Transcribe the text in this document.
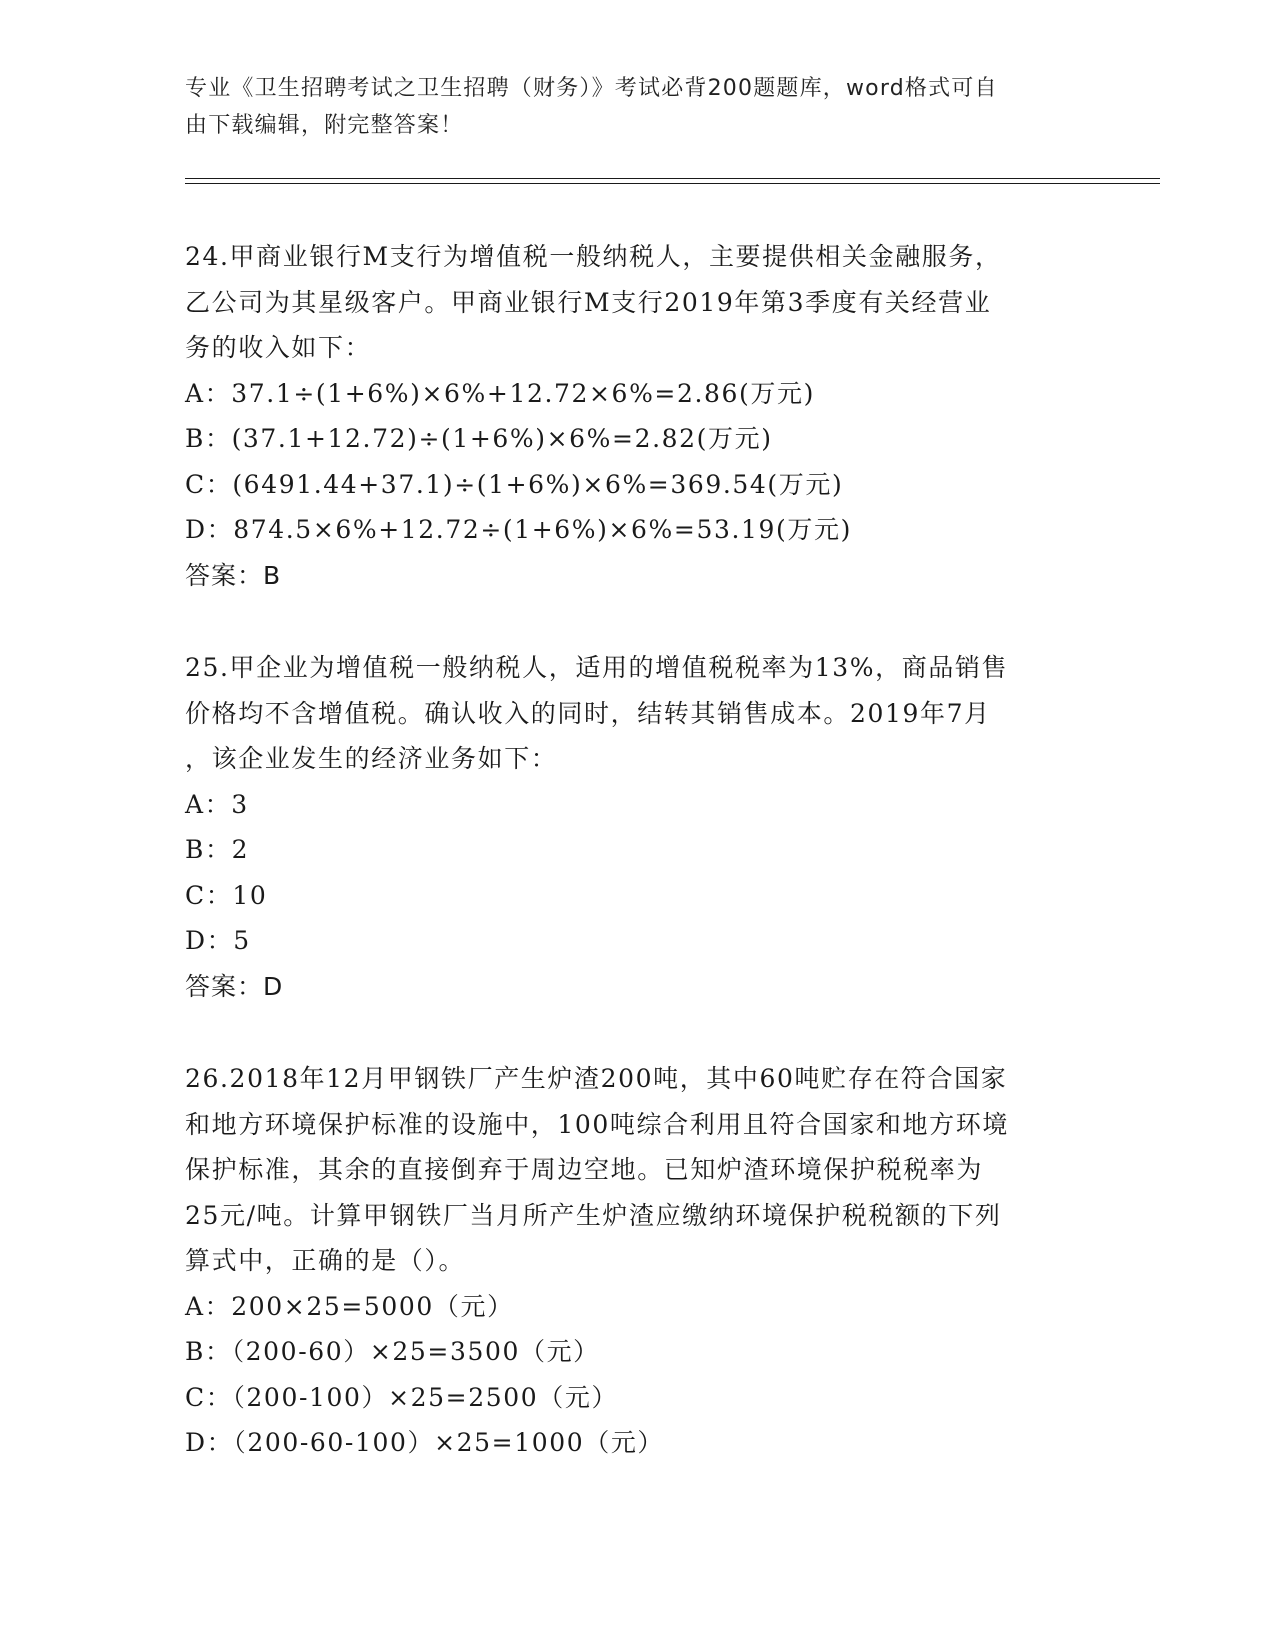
专业《卫生招聘考试之卫生招聘（财务）》考试必背200题题库，word格式可自
由下载编辑，附完整答案！

24.甲商业银行M支行为增值税一般纳税人，主要提供相关金融服务，

乙公司为其星级客户。甲商业银行M支行2019年第3季度有关经营业

务的收入如下：

A：37.1÷(1+6%)×6%+12.72×6%=2.86(万元)

B：(37.1+12.72)÷(1+6%)×6%=2.82(万元)

C：(6491.44+37.1)÷(1+6%)×6%=369.54(万元)

D：874.5×6%+12.72÷(1+6%)×6%=53.19(万元)

答案：B

25.甲企业为增值税一般纳税人，适用的增值税税率为13%，商品销售

价格均不含增值税。确认收入的同时，结转其销售成本。2019年7月

，该企业发生的经济业务如下：

A：3

B：2

C：10

D：5

答案：D

26.2018年12月甲钢铁厂产生炉渣200吨，其中60吨贮存在符合国家

和地方环境保护标准的设施中，100吨综合利用且符合国家和地方环境

保护标准，其余的直接倒弃于周边空地。已知炉渣环境保护税税率为

25元/吨。计算甲钢铁厂当月所产生炉渣应缴纳环境保护税税额的下列

算式中，正确的是（）。

A：200×25=5000（元）

B：（200-60）×25=3500（元）

C：（200-100）×25=2500（元）

D：（200-60-100）×25=1000（元）
